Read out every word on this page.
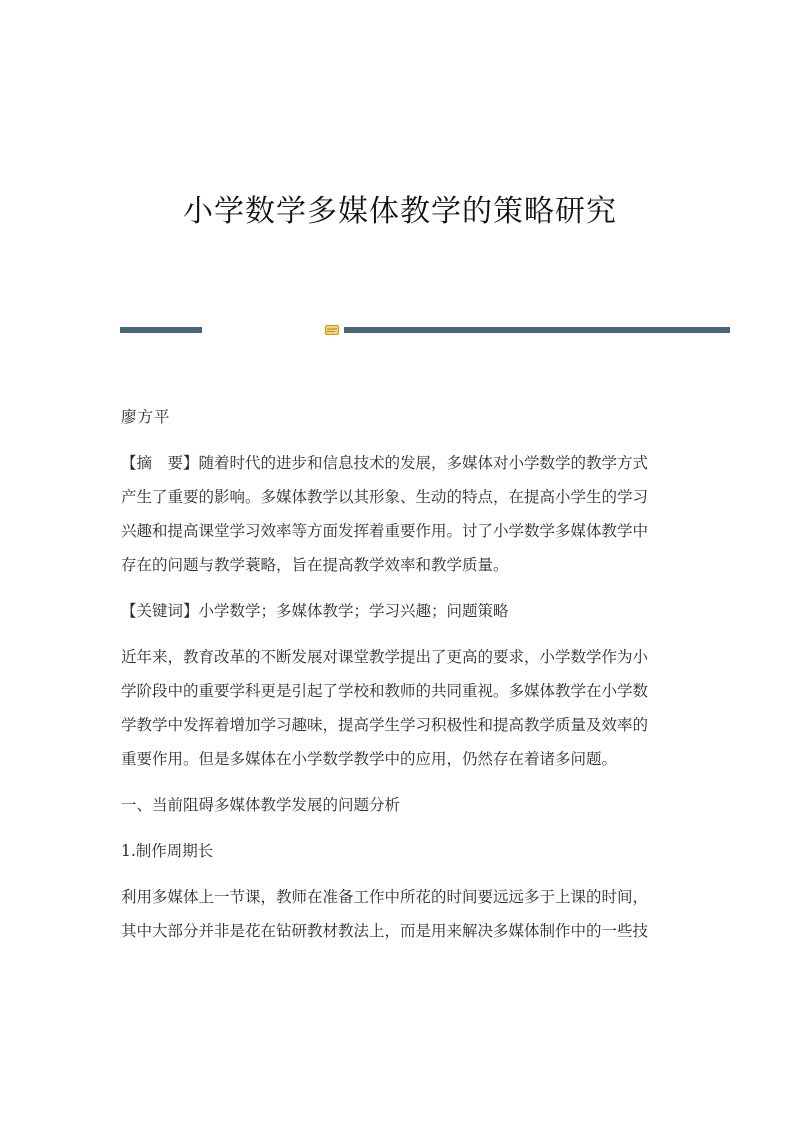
小学数学多媒体教学的策略研究

廖方平

【摘　要】随着时代的进步和信息技术的发展，多媒体对小学数学的教学方式产生了重要的影响。多媒体教学以其形象、生动的特点，在提高小学生的学习兴趣和提高课堂学习效率等方面发挥着重要作用。讨了小学数学多媒体教学中存在的问题与教学蓑略，旨在提高教学效率和教学质量。

【关键词】小学数学；多媒体教学；学习兴趣；问题策略

近年来，教育改革的不断发展对课堂教学提出了更高的要求，小学数学作为小学阶段中的重要学科更是引起了学校和教师的共同重视。多媒体教学在小学数学教学中发挥着增加学习趣味，提高学生学习积极性和提高教学质量及效率的重要作用。但是多媒体在小学数学教学中的应用，仍然存在着诸多问题。

一、当前阻碍多媒体教学发展的问题分析

1.制作周期长

利用多媒体上一节课，教师在准备工作中所花的时间要远远多于上课的时间，其中大部分并非是花在钻研教材教法上，而是用来解决多媒体制作中的一些技
